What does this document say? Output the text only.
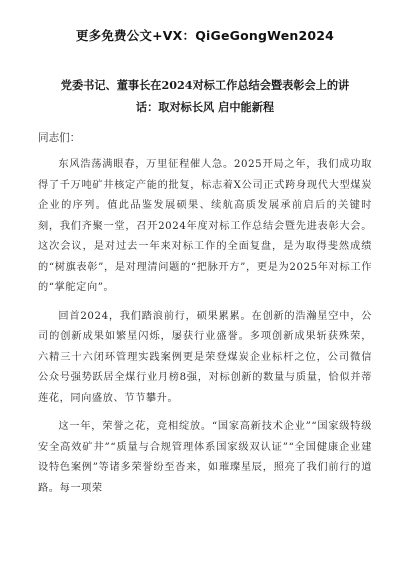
更多免费公文+VX：QiGeGongWen2024
党委书记、董事长在2024对标工作总结会暨表彰会上的讲
话：取对标长风 启中能新程
同志们：

东风浩荡满眼春，万里征程催人急。2025开局之年，我们成功取得了千万吨矿井核定产能的批复，标志着X公司正式跨身现代大型煤炭企业的序列。值此品鉴发展硕果、续航高质发展承前启后的关键时刻，我们齐聚一堂，召开2024年度对标工作总结会暨先进表彰大会。这次会议，是对过去一年来对标工作的全面复盘，是为取得斐然成绩的“树旗表彰”，是对理清问题的“把脉开方”，更是为2025年对标工作的“掌舵定向”。

回首2024，我们踏浪前行，硕果累累。在创新的浩瀚星空中，公司的创新成果如繁星闪烁，屡获行业盛誉。多项创新成果斩获殊荣，六精三十六闭环管理实践案例更是荣登煤炭企业标杆之位，公司微信公众号强势跃居全煤行业月榜8强，对标创新的数量与质量，恰似并蒂莲花，同向盛放、节节攀升。

这一年，荣誉之花，竞相绽放。“国家高新技术企业”“国家级特级安全高效矿井”“质量与合规管理体系国家级双认证”“全国健康企业建设特色案例”等诸多荣誉纷至沓来，如璀璨星辰，照亮了我们前行的道路。每一项荣
